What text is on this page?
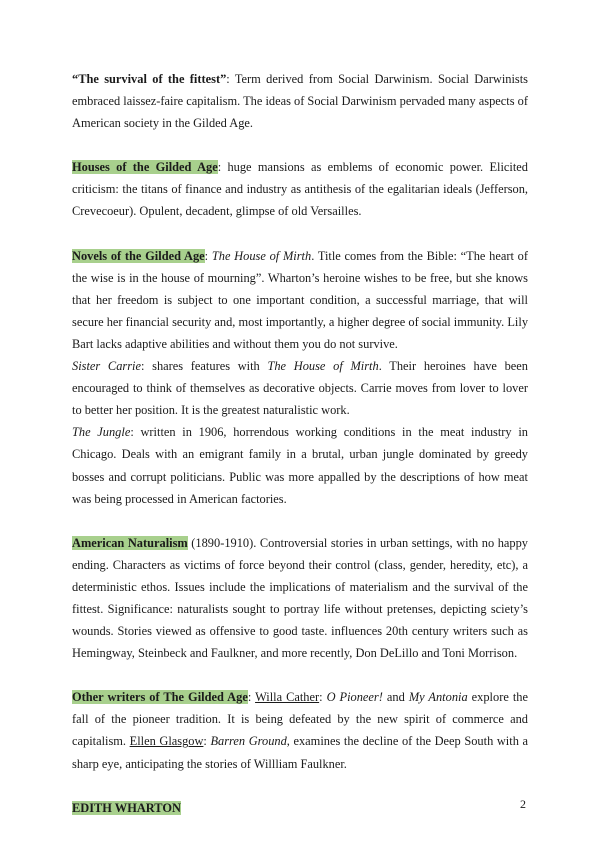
“The survival of the fittest”: Term derived from Social Darwinism. Social Darwinists embraced laissez-faire capitalism. The ideas of Social Darwinism pervaded many aspects of American society in the Gilded Age.

Houses of the Gilded Age: huge mansions as emblems of economic power. Elicited criticism: the titans of finance and industry as antithesis of the egalitarian ideals (Jefferson, Crevecoeur). Opulent, decadent, glimpse of old Versailles.

Novels of the Gilded Age: The House of Mirth. Title comes from the Bible: “The heart of the wise is in the house of mourning”. Wharton’s heroine wishes to be free, but she knows that her freedom is subject to one important condition, a successful marriage, that will secure her financial security and, most importantly, a higher degree of social immunity. Lily Bart lacks adaptive abilities and without them you do not survive.

Sister Carrie: shares features with The House of Mirth. Their heroines have been encouraged to think of themselves as decorative objects. Carrie moves from lover to lover to better her position. It is the greatest naturalistic work.

The Jungle: written in 1906, horrendous working conditions in the meat industry in Chicago. Deals with an emigrant family in a brutal, urban jungle dominated by greedy bosses and corrupt politicians. Public was more appalled by the descriptions of how meat was being processed in American factories.

American Naturalism (1890-1910). Controversial stories in urban settings, with no happy ending. Characters as victims of force beyond their control (class, gender, heredity, etc), a deterministic ethos. Issues include the implications of materialism and the survival of the fittest. Significance: naturalists sought to portray life without pretenses, depicting sciety’s wounds. Stories viewed as offensive to good taste. influences 20th century writers such as Hemingway, Steinbeck and Faulkner, and more recently, Don DeLillo and Toni Morrison.

Other writers of The Gilded Age: Willa Cather: O Pioneer! and My Antonia explore the fall of the pioneer tradition. It is being defeated by the new spirit of commerce and capitalism. Ellen Glasgow: Barren Ground, examines the decline of the Deep South with a sharp eye, anticipating the stories of Willliam Faulkner.

EDITH WHARTON	2
